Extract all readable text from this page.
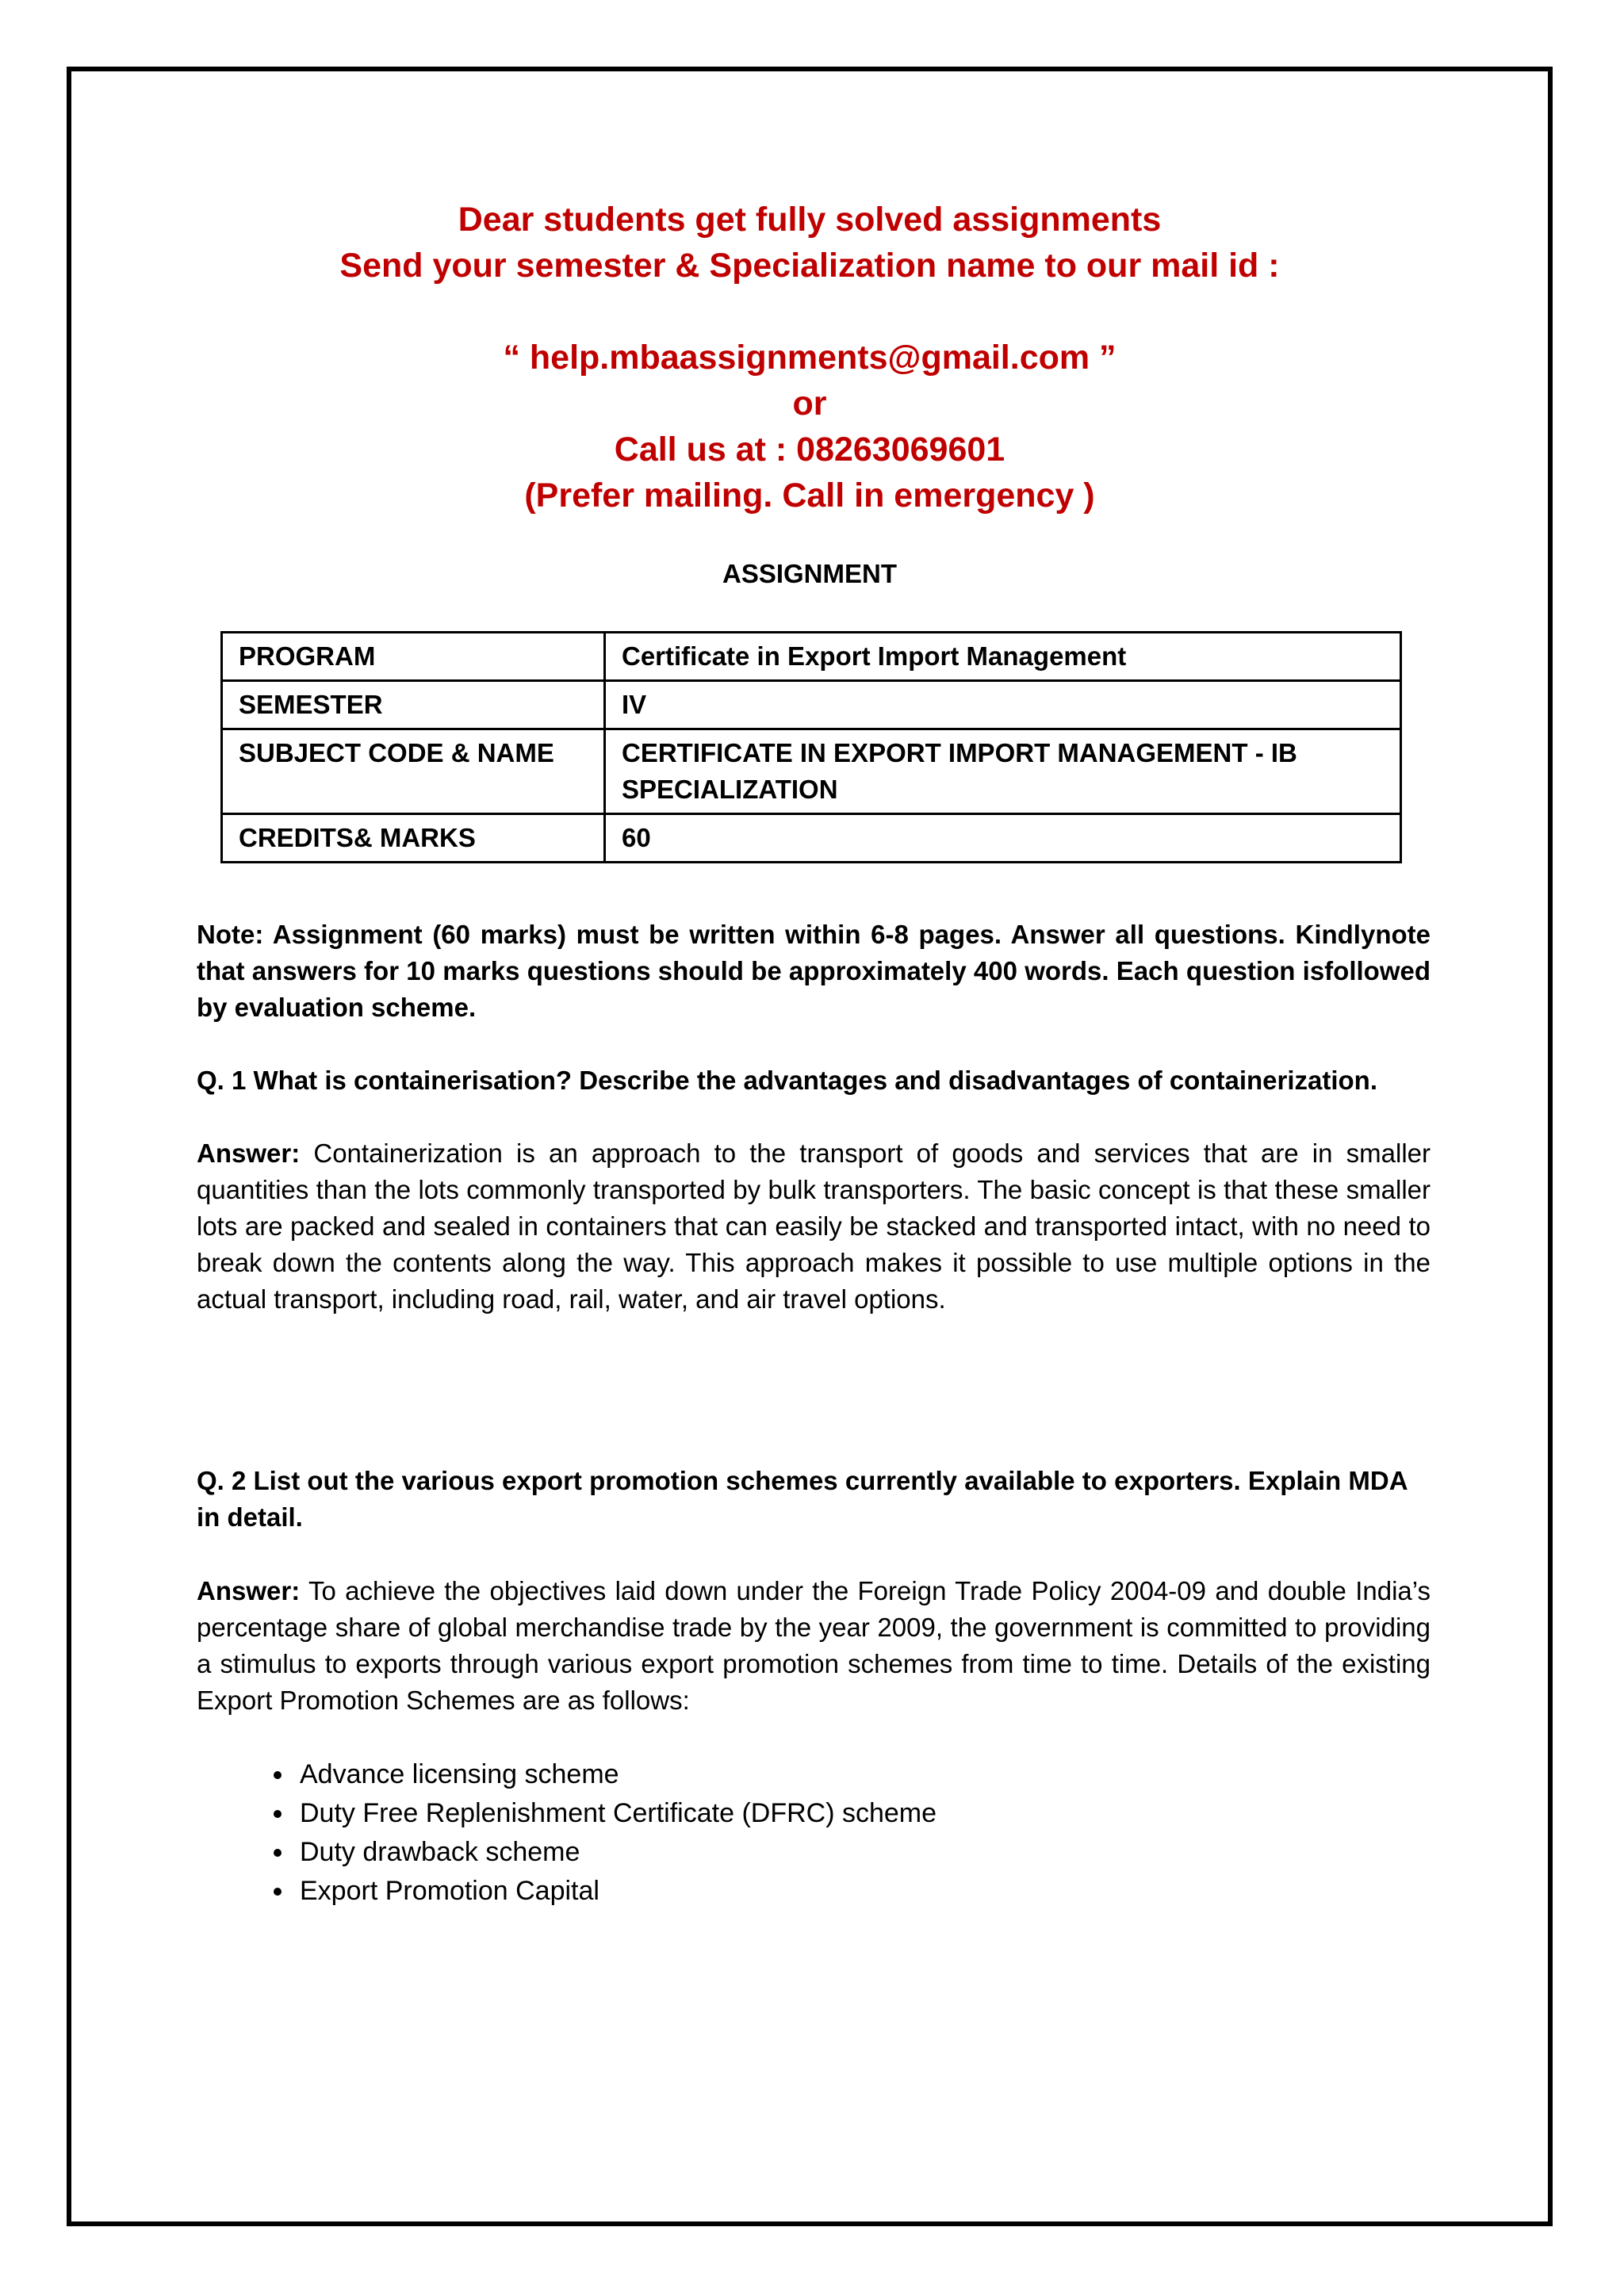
Dear students get fully solved assignments
Send your semester & Specialization name to our mail id :
“ help.mbaassignments@gmail.com ”
or
Call us at : 08263069601
(Prefer mailing. Call in emergency )
ASSIGNMENT
PROGRAM	Certificate in Export Import Management
SEMESTER	IV
SUBJECT CODE & NAME	CERTIFICATE IN EXPORT IMPORT MANAGEMENT - IB SPECIALIZATION
CREDITS& MARKS	60
Note: Assignment (60 marks) must be written within 6-8 pages. Answer all questions. Kindlynote that answers for 10 marks questions should be approximately 400 words. Each question isfollowed by evaluation scheme.
Q. 1 What is containerisation? Describe the advantages and disadvantages of containerization.
Answer: Containerization is an approach to the transport of goods and services that are in smaller quantities than the lots commonly transported by bulk transporters. The basic concept is that these smaller lots are packed and sealed in containers that can easily be stacked and transported intact, with no need to break down the contents along the way. This approach makes it possible to use multiple options in the actual transport, including road, rail, water, and air travel options.
Q. 2 List out the various export promotion schemes currently available to exporters. Explain MDA in detail.
Answer: To achieve the objectives laid down under the Foreign Trade Policy 2004-09 and double India’s percentage share of global merchandise trade by the year 2009, the government is committed to providing a stimulus to exports through various export promotion schemes from time to time. Details of the existing Export Promotion Schemes are as follows:
• Advance licensing scheme
• Duty Free Replenishment Certificate (DFRC) scheme
• Duty drawback scheme
• Export Promotion Capital
